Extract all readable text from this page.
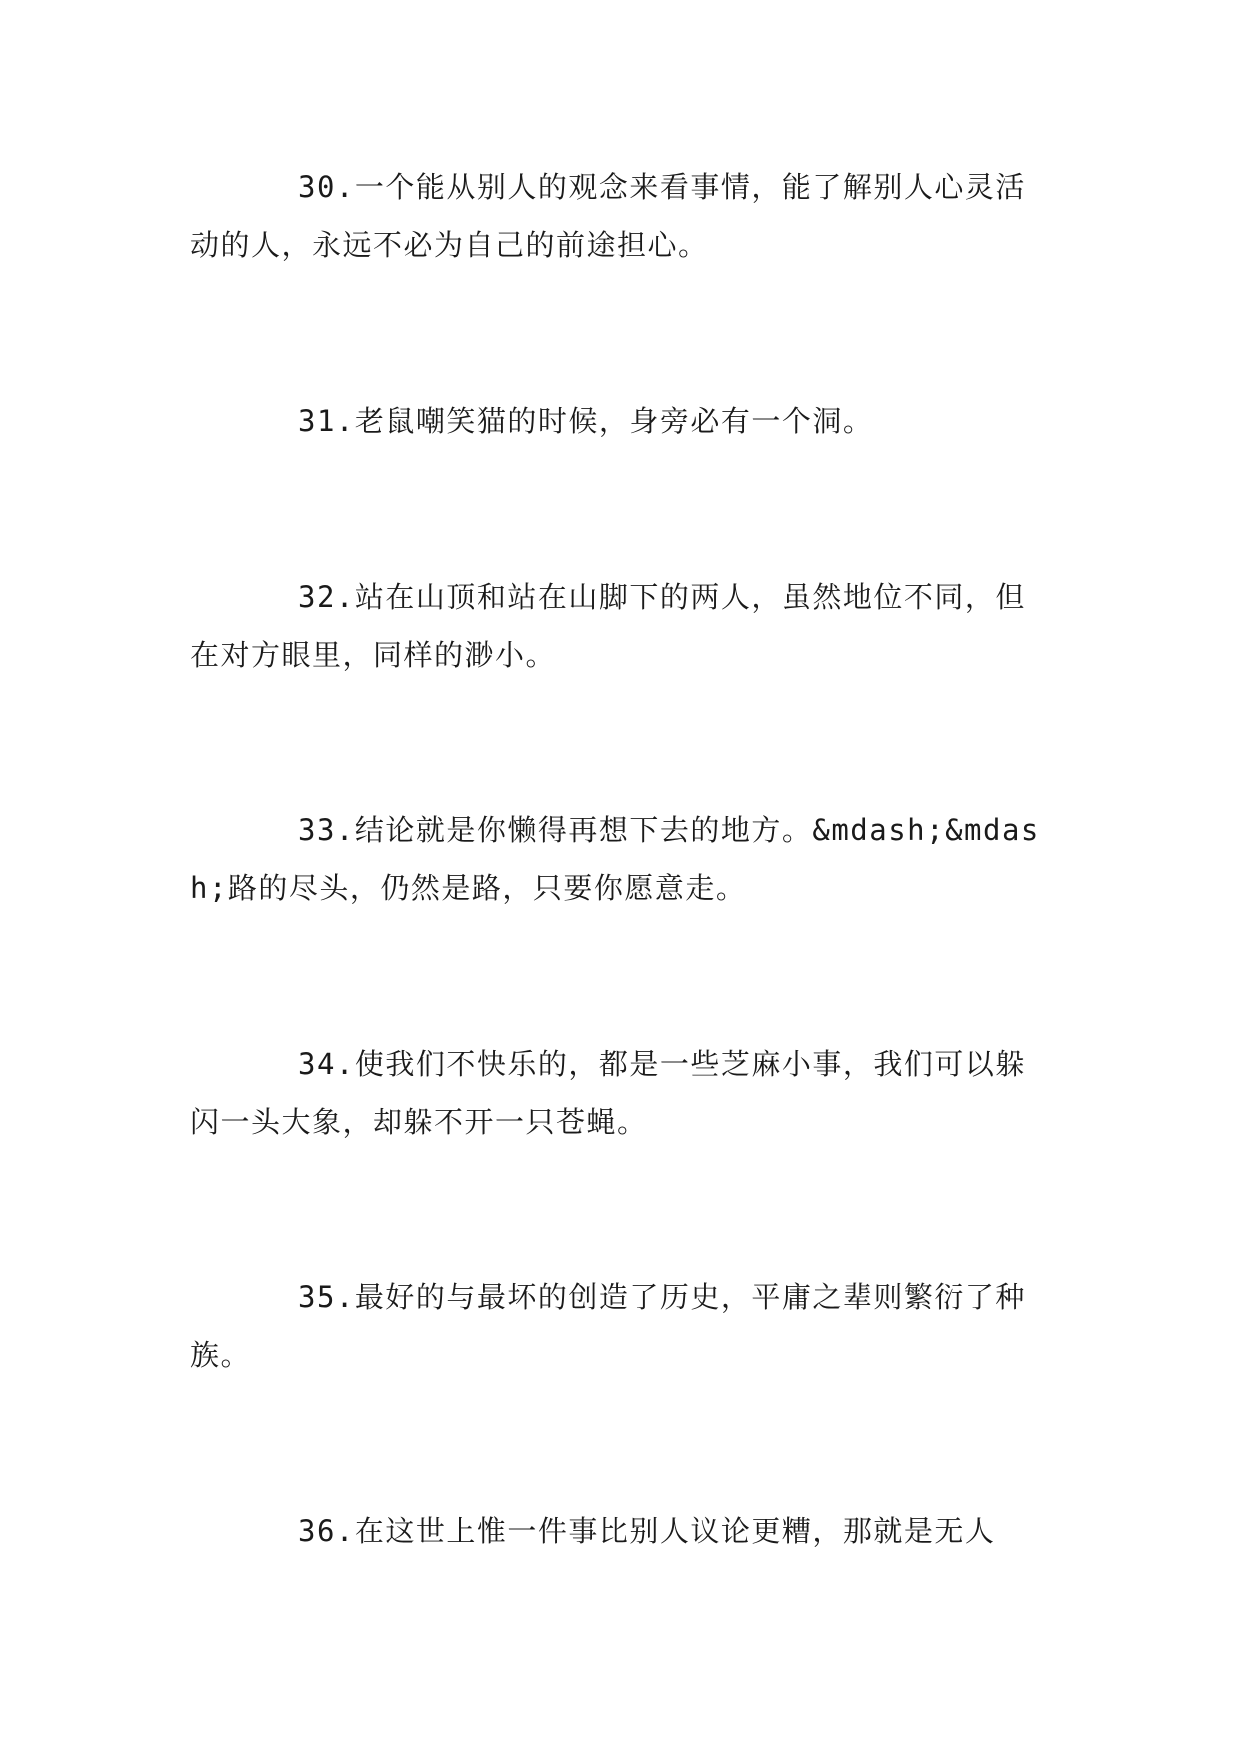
30.一个能从别人的观念来看事情，能了解别人心灵活动的人，永远不必为自己的前途担心。

31.老鼠嘲笑猫的时候，身旁必有一个洞。

32.站在山顶和站在山脚下的两人，虽然地位不同，但在对方眼里，同样的渺小。

33.结论就是你懒得再想下去的地方。&mdash;&mdash;路的尽头，仍然是路，只要你愿意走。

34.使我们不快乐的，都是一些芝麻小事，我们可以躲闪一头大象，却躲不开一只苍蝇。

35.最好的与最坏的创造了历史，平庸之辈则繁衍了种族。

36.在这世上惟一件事比别人议论更糟，那就是无人
